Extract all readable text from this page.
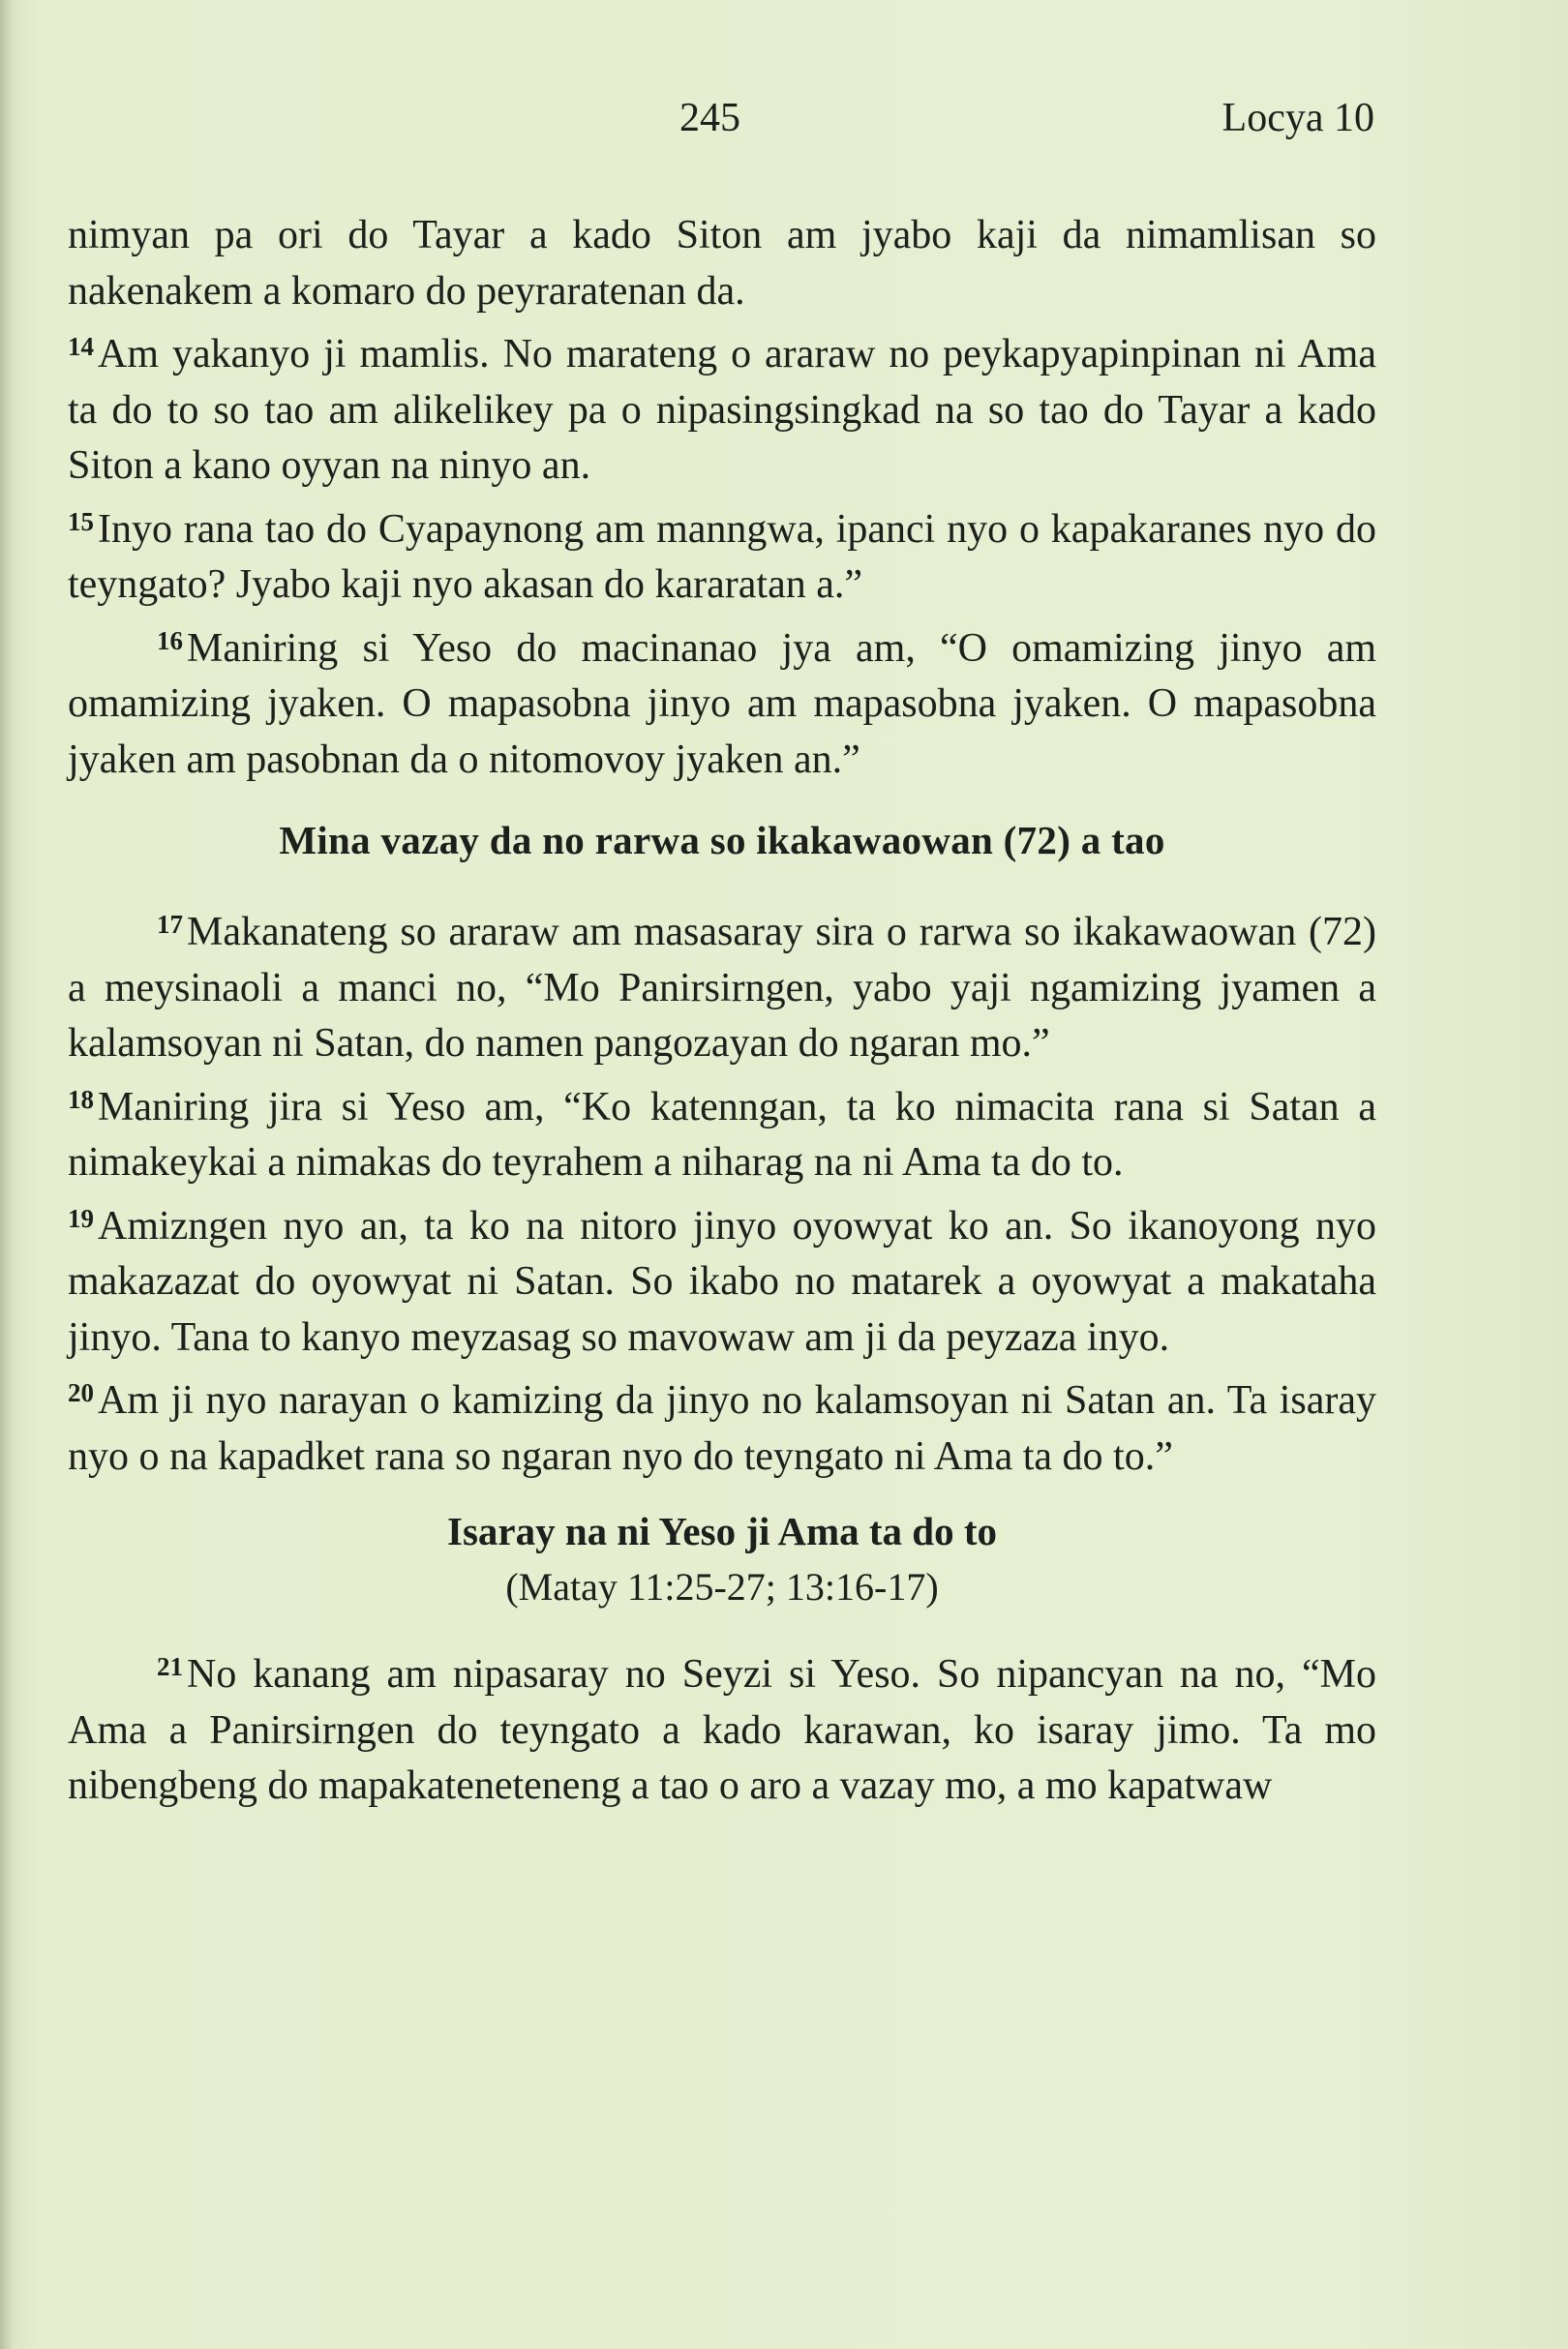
245	Locya 10

nimyan pa ori do Tayar a kado Siton am jyabo kaji da nimamlisan so nakenakem a komaro do peyraratenan da.

$^{14}$Am yakanyo ji mamlis. No marateng o araraw no peykapyapinpinan ni Ama ta do to so tao am alikelikey pa o nipasingsingkad na so tao do Tayar a kado Siton a kano oyyan na ninyo an.

$^{15}$Inyo rana tao do Cyapaynong am manngwa, ipanci nyo o kapakaranes nyo do teyngato? Jyabo kaji nyo akasan do kararatan a.”

$^{16}$Maniring si Yeso do macinanao jya am, “O omamizing jinyo am omamizing jyaken. O mapasobna jinyo am mapasobna jyaken. O mapasobna jyaken am pasobnan da o nitomovoy jyaken an.”

Mina vazay da no rarwa so ikakawaowan (72) a tao

$^{17}$Makanateng so araraw am masasaray sira o rarwa so ikakawaowan (72) a meysinaoli a manci no, “Mo Panirsirngen, yabo yaji ngamizing jyamen a kalamsoyan ni Satan, do namen pangozayan do ngaran mo.”

$^{18}$Maniring jira si Yeso am, “Ko katenngan, ta ko nimacita rana si Satan a nimakeykai a nimakas do teyrahem a niharag na ni Ama ta do to.

$^{19}$Amizngen nyo an, ta ko na nitoro jinyo oyowyat ko an. So ikanoyong nyo makazazat do oyowyat ni Satan. So ikabo no matarek a oyowyat a makataha jinyo. Tana to kanyo meyzasag so mavowaw am ji da peyzaza inyo.

$^{20}$Am ji nyo narayan o kamizing da jinyo no kalamsoyan ni Satan an. Ta isaray nyo o na kapadket rana so ngaran nyo do teyngato ni Ama ta do to.”

Isaray na ni Yeso ji Ama ta do to
(Matay 11:25-27; 13:16-17)

$^{21}$No kanang am nipasaray no Seyzi si Yeso. So nipancyan na no, “Mo Ama a Panirsirngen do teyngato a kado karawan, ko isaray jimo. Ta mo nibengbeng do mapakateneteneng a tao o aro a vazay mo, a mo kapatwaw
